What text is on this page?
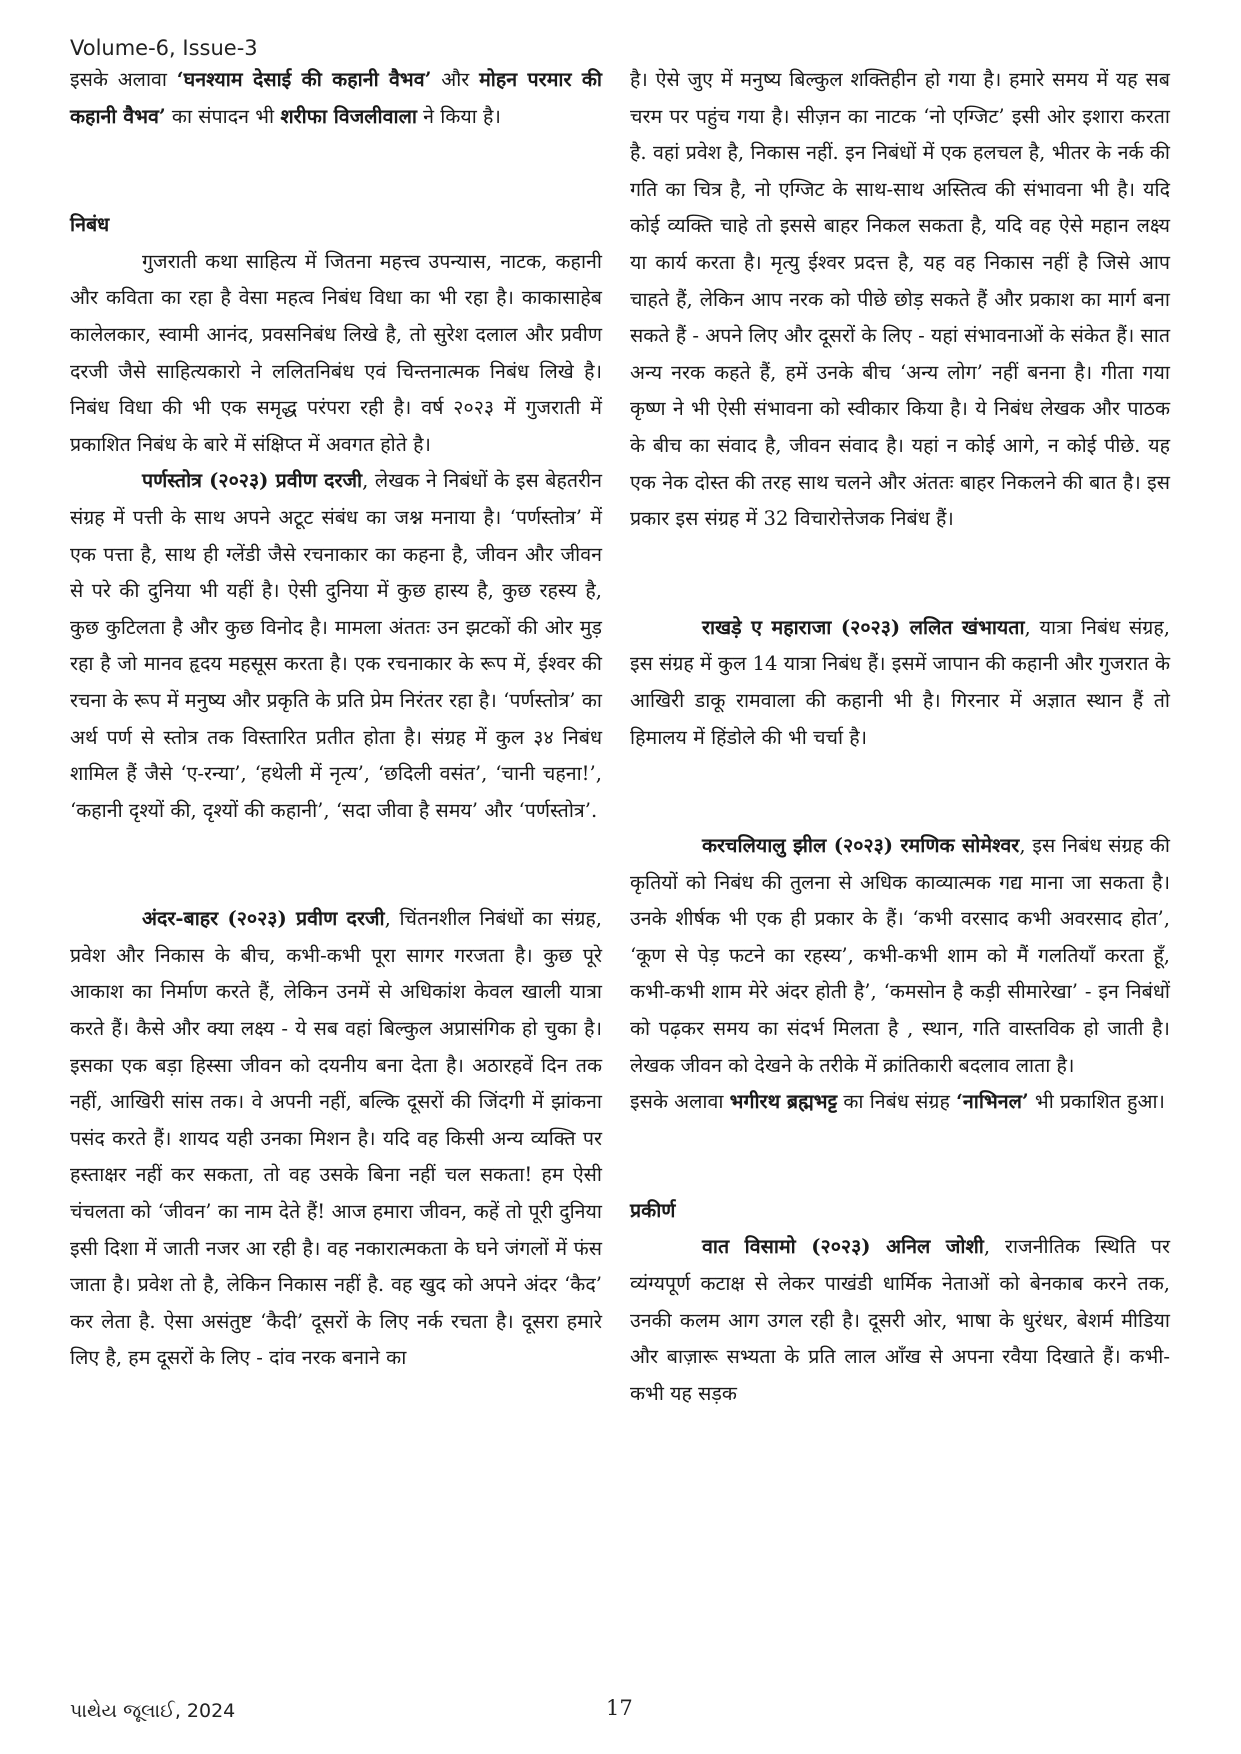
Volume-6, Issue-3

इसके अलावा ‘घनश्याम देसाई की कहानी वैभव’ और मोहन परमार की कहानी वैभव’ का संपादन भी शरीफा विजलीवाला ने किया है।

निबंध

गुजराती कथा साहित्य में जितना महत्त्व उपन्यास, नाटक, कहानी और कविता का रहा है वेसा महत्व निबंध विधा का भी रहा है। काकासाहेब कालेलकार, स्वामी आनंद, प्रवसनिबंध लिखे है, तो सुरेश दलाल और प्रवीण दरजी जैसे साहित्यकारो ने ललितनिबंध एवं चिन्तनात्मक निबंध लिखे है। निबंध विधा की भी एक समृद्ध परंपरा रही है। वर्ष २०२३ में गुजराती में प्रकाशित निबंध के बारे में संक्षिप्त में अवगत होते है।

पर्णस्तोत्र (२०२३) प्रवीण दरजी, लेखक ने निबंधों के इस बेहतरीन संग्रह में पत्ती के साथ अपने अटूट संबंध का जश्न मनाया है। ‘पर्णस्तोत्र’ में एक पत्ता है, साथ ही ग्लेंडी जैसे रचनाकार का कहना है, जीवन और जीवन से परे की दुनिया भी यहीं है। ऐसी दुनिया में कुछ हास्य है, कुछ रहस्य है, कुछ कुटिलता है और कुछ विनोद है। मामला अंततः उन झटकों की ओर मुड़ रहा है जो मानव हृदय महसूस करता है। एक रचनाकार के रूप में, ईश्वर की रचना के रूप में मनुष्य और प्रकृति के प्रति प्रेम निरंतर रहा है। ‘पर्णस्तोत्र’ का अर्थ पर्ण से स्तोत्र तक विस्तारित प्रतीत होता है। संग्रह में कुल ३४ निबंध शामिल हैं जैसे ‘ए-रन्या’, ‘हथेली में नृत्य’, ‘छदिली वसंत’, ‘चानी चहना!’, ‘कहानी दृश्यों की, दृश्यों की कहानी’, ‘सदा जीवा है समय’ और ‘पर्णस्तोत्र’.

अंदर-बाहर (२०२३) प्रवीण दरजी, चिंतनशील निबंधों का संग्रह, प्रवेश और निकास के बीच, कभी-कभी पूरा सागर गरजता है। कुछ पूरे आकाश का निर्माण करते हैं, लेकिन उनमें से अधिकांश केवल खाली यात्रा करते हैं। कैसे और क्या लक्ष्य - ये सब वहां बिल्कुल अप्रासंगिक हो चुका है। इसका एक बड़ा हिस्सा जीवन को दयनीय बना देता है। अठारहवें दिन तक नहीं, आखिरी सांस तक। वे अपनी नहीं, बल्कि दूसरों की जिंदगी में झांकना पसंद करते हैं। शायद यही उनका मिशन है। यदि वह किसी अन्य व्यक्ति पर हस्ताक्षर नहीं कर सकता, तो वह उसके बिना नहीं चल सकता! हम ऐसी चंचलता को ‘जीवन’ का नाम देते हैं! आज हमारा जीवन, कहें तो पूरी दुनिया इसी दिशा में जाती नजर आ रही है। वह नकारात्मकता के घने जंगलों में फंस जाता है। प्रवेश तो है, लेकिन निकास नहीं है. वह खुद को अपने अंदर ‘कैद’ कर लेता है. ऐसा असंतुष्ट ‘कैदी’ दूसरों के लिए नर्क रचता है। दूसरा हमारे लिए है, हम दूसरों के लिए - दांव नरक बनाने का

है। ऐसे जुए में मनुष्य बिल्कुल शक्तिहीन हो गया है। हमारे समय में यह सब चरम पर पहुंच गया है। सीज़न का नाटक ‘नो एग्जिट’ इसी ओर इशारा करता है. वहां प्रवेश है, निकास नहीं. इन निबंधों में एक हलचल है, भीतर के नर्क की गति का चित्र है, नो एग्जिट के साथ-साथ अस्तित्व की संभावना भी है। यदि कोई व्यक्ति चाहे तो इससे बाहर निकल सकता है, यदि वह ऐसे महान लक्ष्य या कार्य करता है। मृत्यु ईश्वर प्रदत्त है, यह वह निकास नहीं है जिसे आप चाहते हैं, लेकिन आप नरक को पीछे छोड़ सकते हैं और प्रकाश का मार्ग बना सकते हैं - अपने लिए और दूसरों के लिए - यहां संभावनाओं के संकेत हैं। सात अन्य नरक कहते हैं, हमें उनके बीच ‘अन्य लोग’ नहीं बनना है। गीता गया कृष्ण ने भी ऐसी संभावना को स्वीकार किया है। ये निबंध लेखक और पाठक के बीच का संवाद है, जीवन संवाद है। यहां न कोई आगे, न कोई पीछे. यह एक नेक दोस्त की तरह साथ चलने और अंततः बाहर निकलने की बात है। इस प्रकार इस संग्रह में 32 विचारोत्तेजक निबंध हैं।

राखड़े ए महाराजा (२०२३) ललित खंभायता, यात्रा निबंध संग्रह, इस संग्रह में कुल 14 यात्रा निबंध हैं। इसमें जापान की कहानी और गुजरात के आखिरी डाकू रामवाला की कहानी भी है। गिरनार में अज्ञात स्थान हैं तो हिमालय में हिंडोले की भी चर्चा है।

करचलियालु झील (२०२३) रमणिक सोमेश्वर, इस निबंध संग्रह की कृतियों को निबंध की तुलना से अधिक काव्यात्मक गद्य माना जा सकता है। उनके शीर्षक भी एक ही प्रकार के हैं। ‘कभी वरसाद कभी अवरसाद होत’, ‘कूण से पेड़ फटने का रहस्य’, कभी-कभी शाम को मैं गलतियाँ करता हूँ, कभी-कभी शाम मेरे अंदर होती है’, ‘कमसोन है कड़ी सीमारेखा’ - इन निबंधों को पढ़कर समय का संदर्भ मिलता है , स्थान, गति वास्तविक हो जाती है। लेखक जीवन को देखने के तरीके में क्रांतिकारी बदलाव लाता है।

इसके अलावा भगीरथ ब्रह्मभट्ट का निबंध संग्रह ‘नाभिनल’ भी प्रकाशित हुआ।

प्रकीर्ण

वात विसामो (२०२३) अनिल जोशी, राजनीतिक स्थिति पर व्यंग्यपूर्ण कटाक्ष से लेकर पाखंडी धार्मिक नेताओं को बेनकाब करने तक, उनकी कलम आग उगल रही है। दूसरी ओर, भाषा के धुरंधर, बेशर्म मीडिया और बाज़ारू सभ्यता के प्रति लाल आँख से अपना रवैया दिखाते हैं। कभी-कभी यह सड़क

પાથેય જૂલાઈ, 2024	17
